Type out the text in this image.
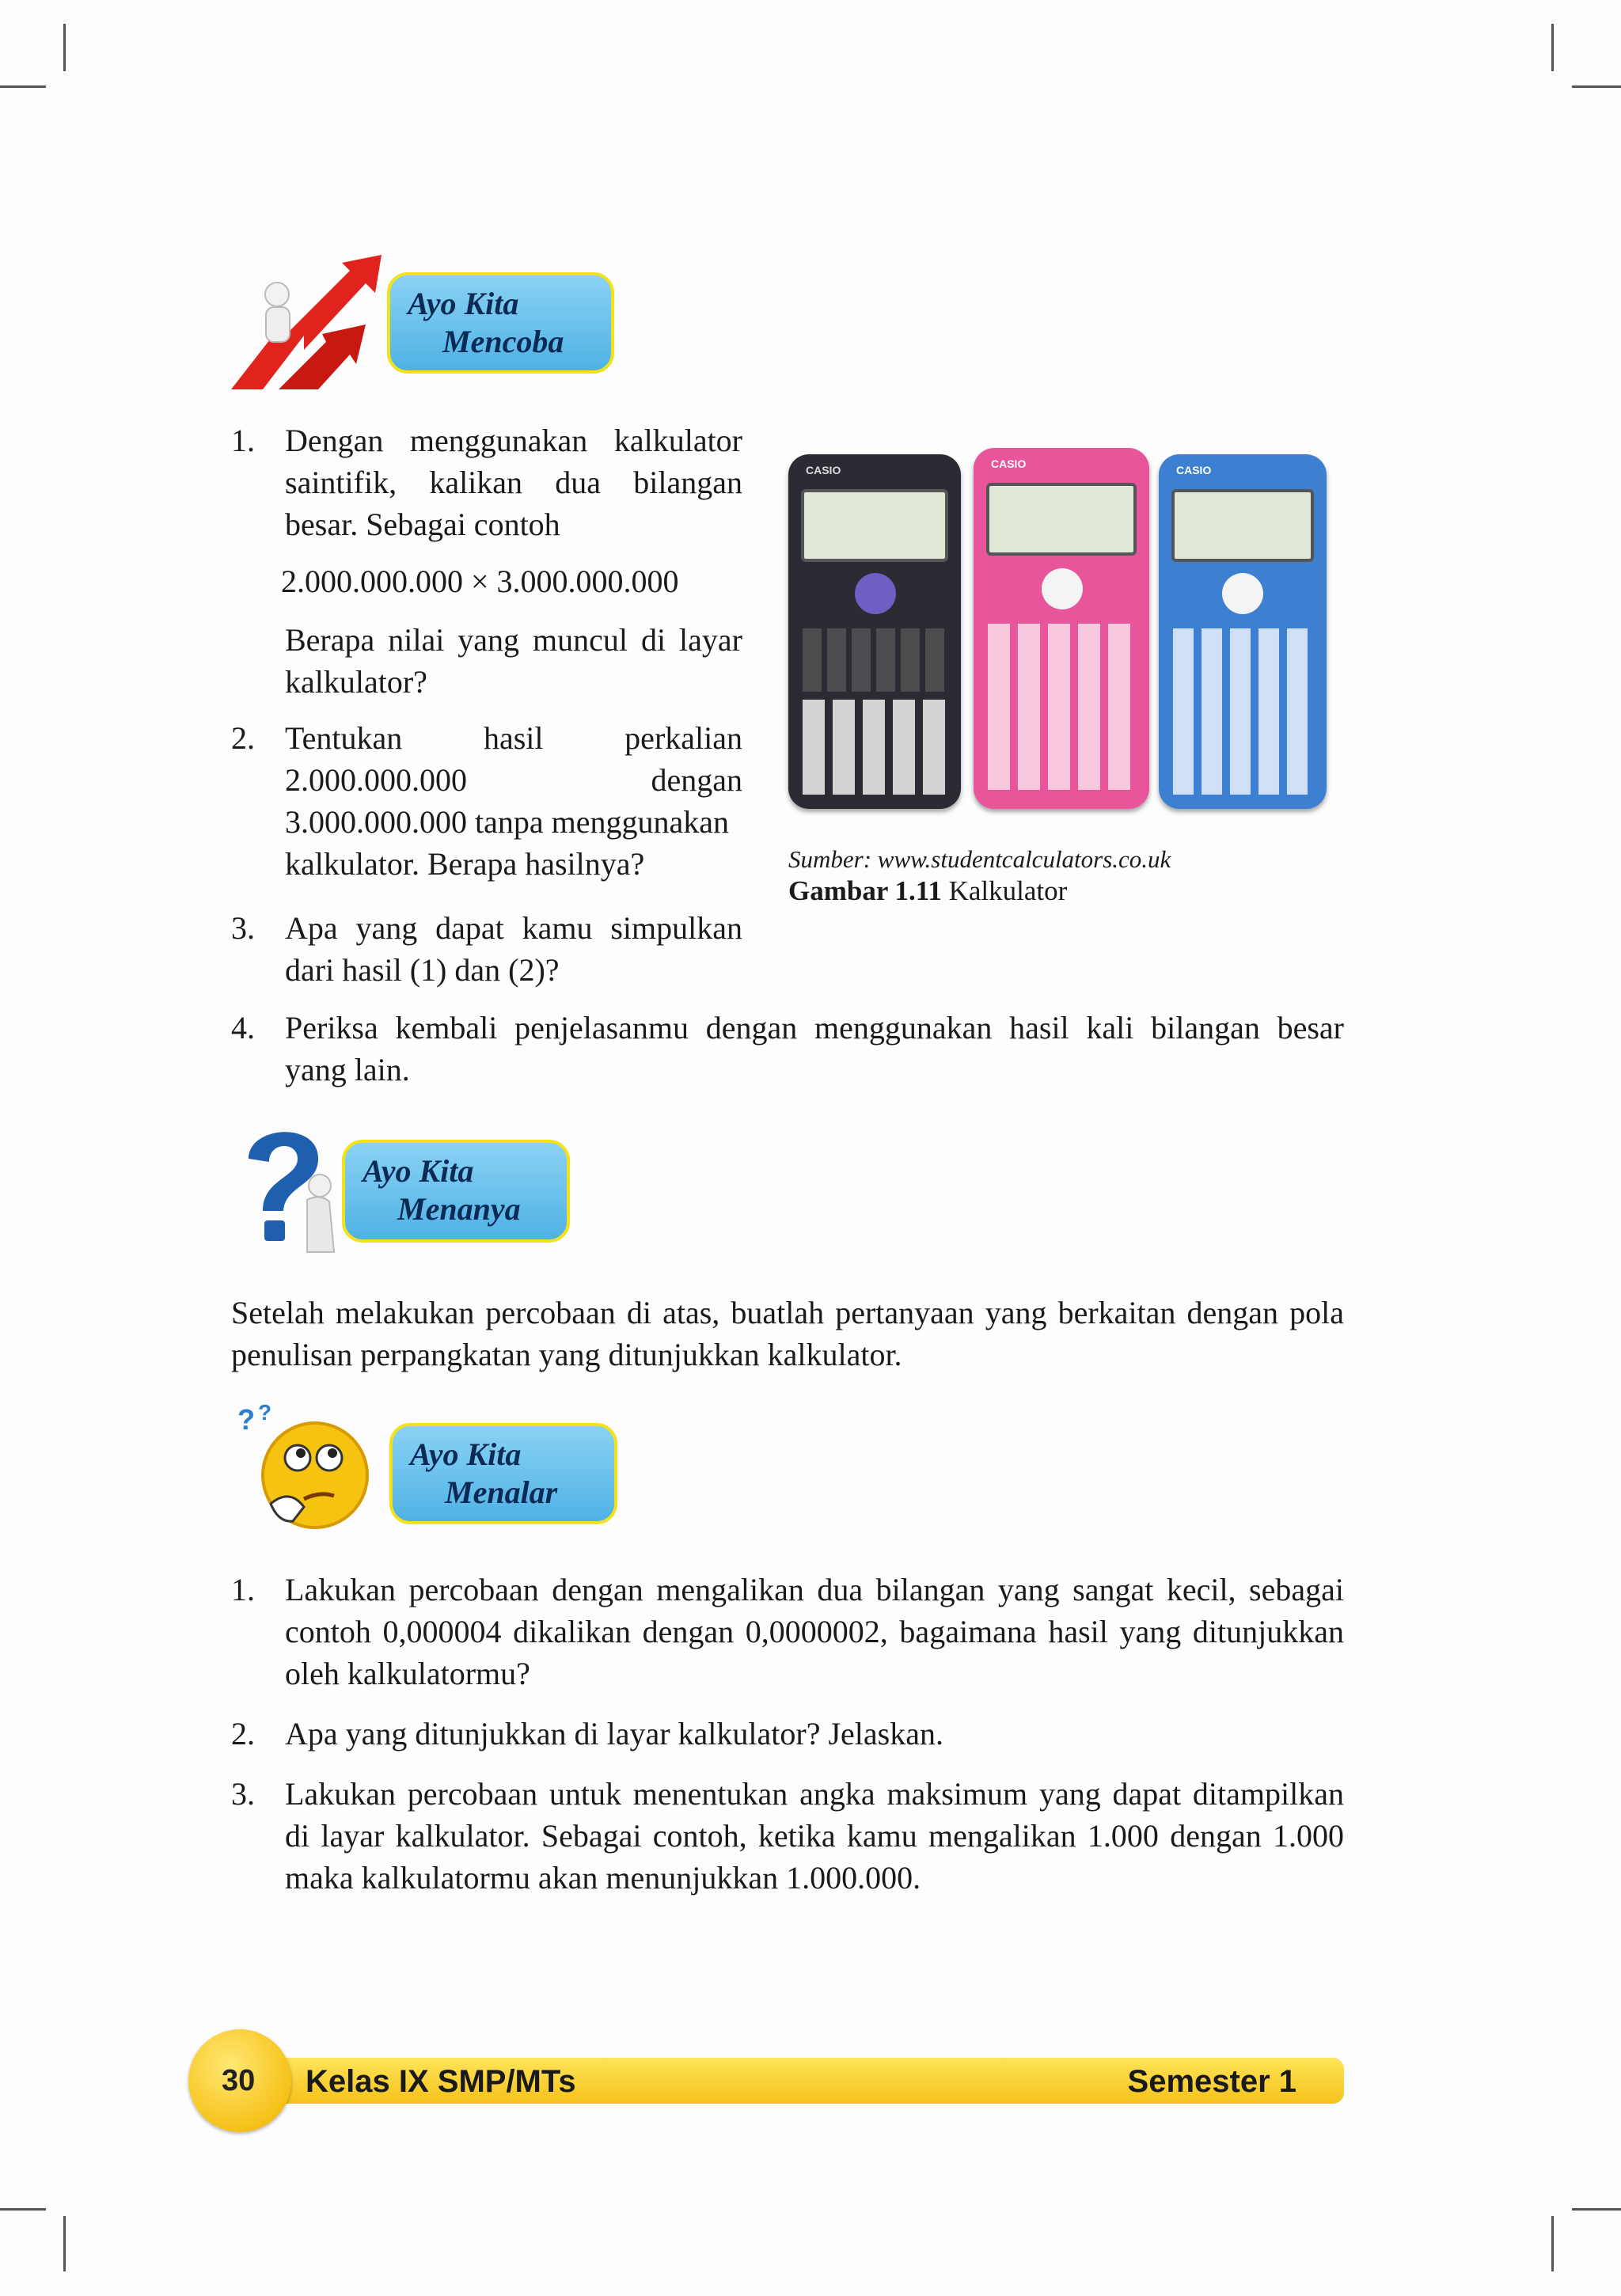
Ayo Kita
Mencoba
1. Dengan menggunakan kalkulator
saintifik, kalikan dua bilangan
besar. Sebagai contoh
2.000.000.000 × 3.000.000.000
Berapa nilai yang muncul di layar
kalkulator?
2. Tentukan hasil perkalian
2.000.000.000 dengan
3.000.000.000 tanpa menggunakan
kalkulator. Berapa hasilnya?
3. Apa yang dapat kamu simpulkan
dari hasil (1) dan (2)?
4. Periksa kembali penjelasanmu dengan menggunakan hasil kali bilangan besar
yang lain.
CASIO	CASIO	CASIO
Sumber: www.studentcalculators.co.uk
Gambar 1.11 Kalkulator
Ayo Kita
Menanya
Setelah melakukan percobaan di atas, buatlah pertanyaan yang berkaitan dengan pola
penulisan perpangkatan yang ditunjukkan kalkulator.
? ?
Ayo Kita
Menalar
1. Lakukan percobaan dengan mengalikan dua bilangan yang sangat kecil, sebagai
contoh 0,000004 dikalikan dengan 0,0000002, bagaimana hasil yang ditunjukkan
oleh kalkulatormu?
2. Apa yang ditunjukkan di layar kalkulator? Jelaskan.
3. Lakukan percobaan untuk menentukan angka maksimum yang dapat ditampilkan
di layar kalkulator. Sebagai contoh, ketika kamu mengalikan 1.000 dengan 1.000
maka kalkulatormu akan menunjukkan 1.000.000.
30 Kelas IX SMP/MTs	Semester 1
